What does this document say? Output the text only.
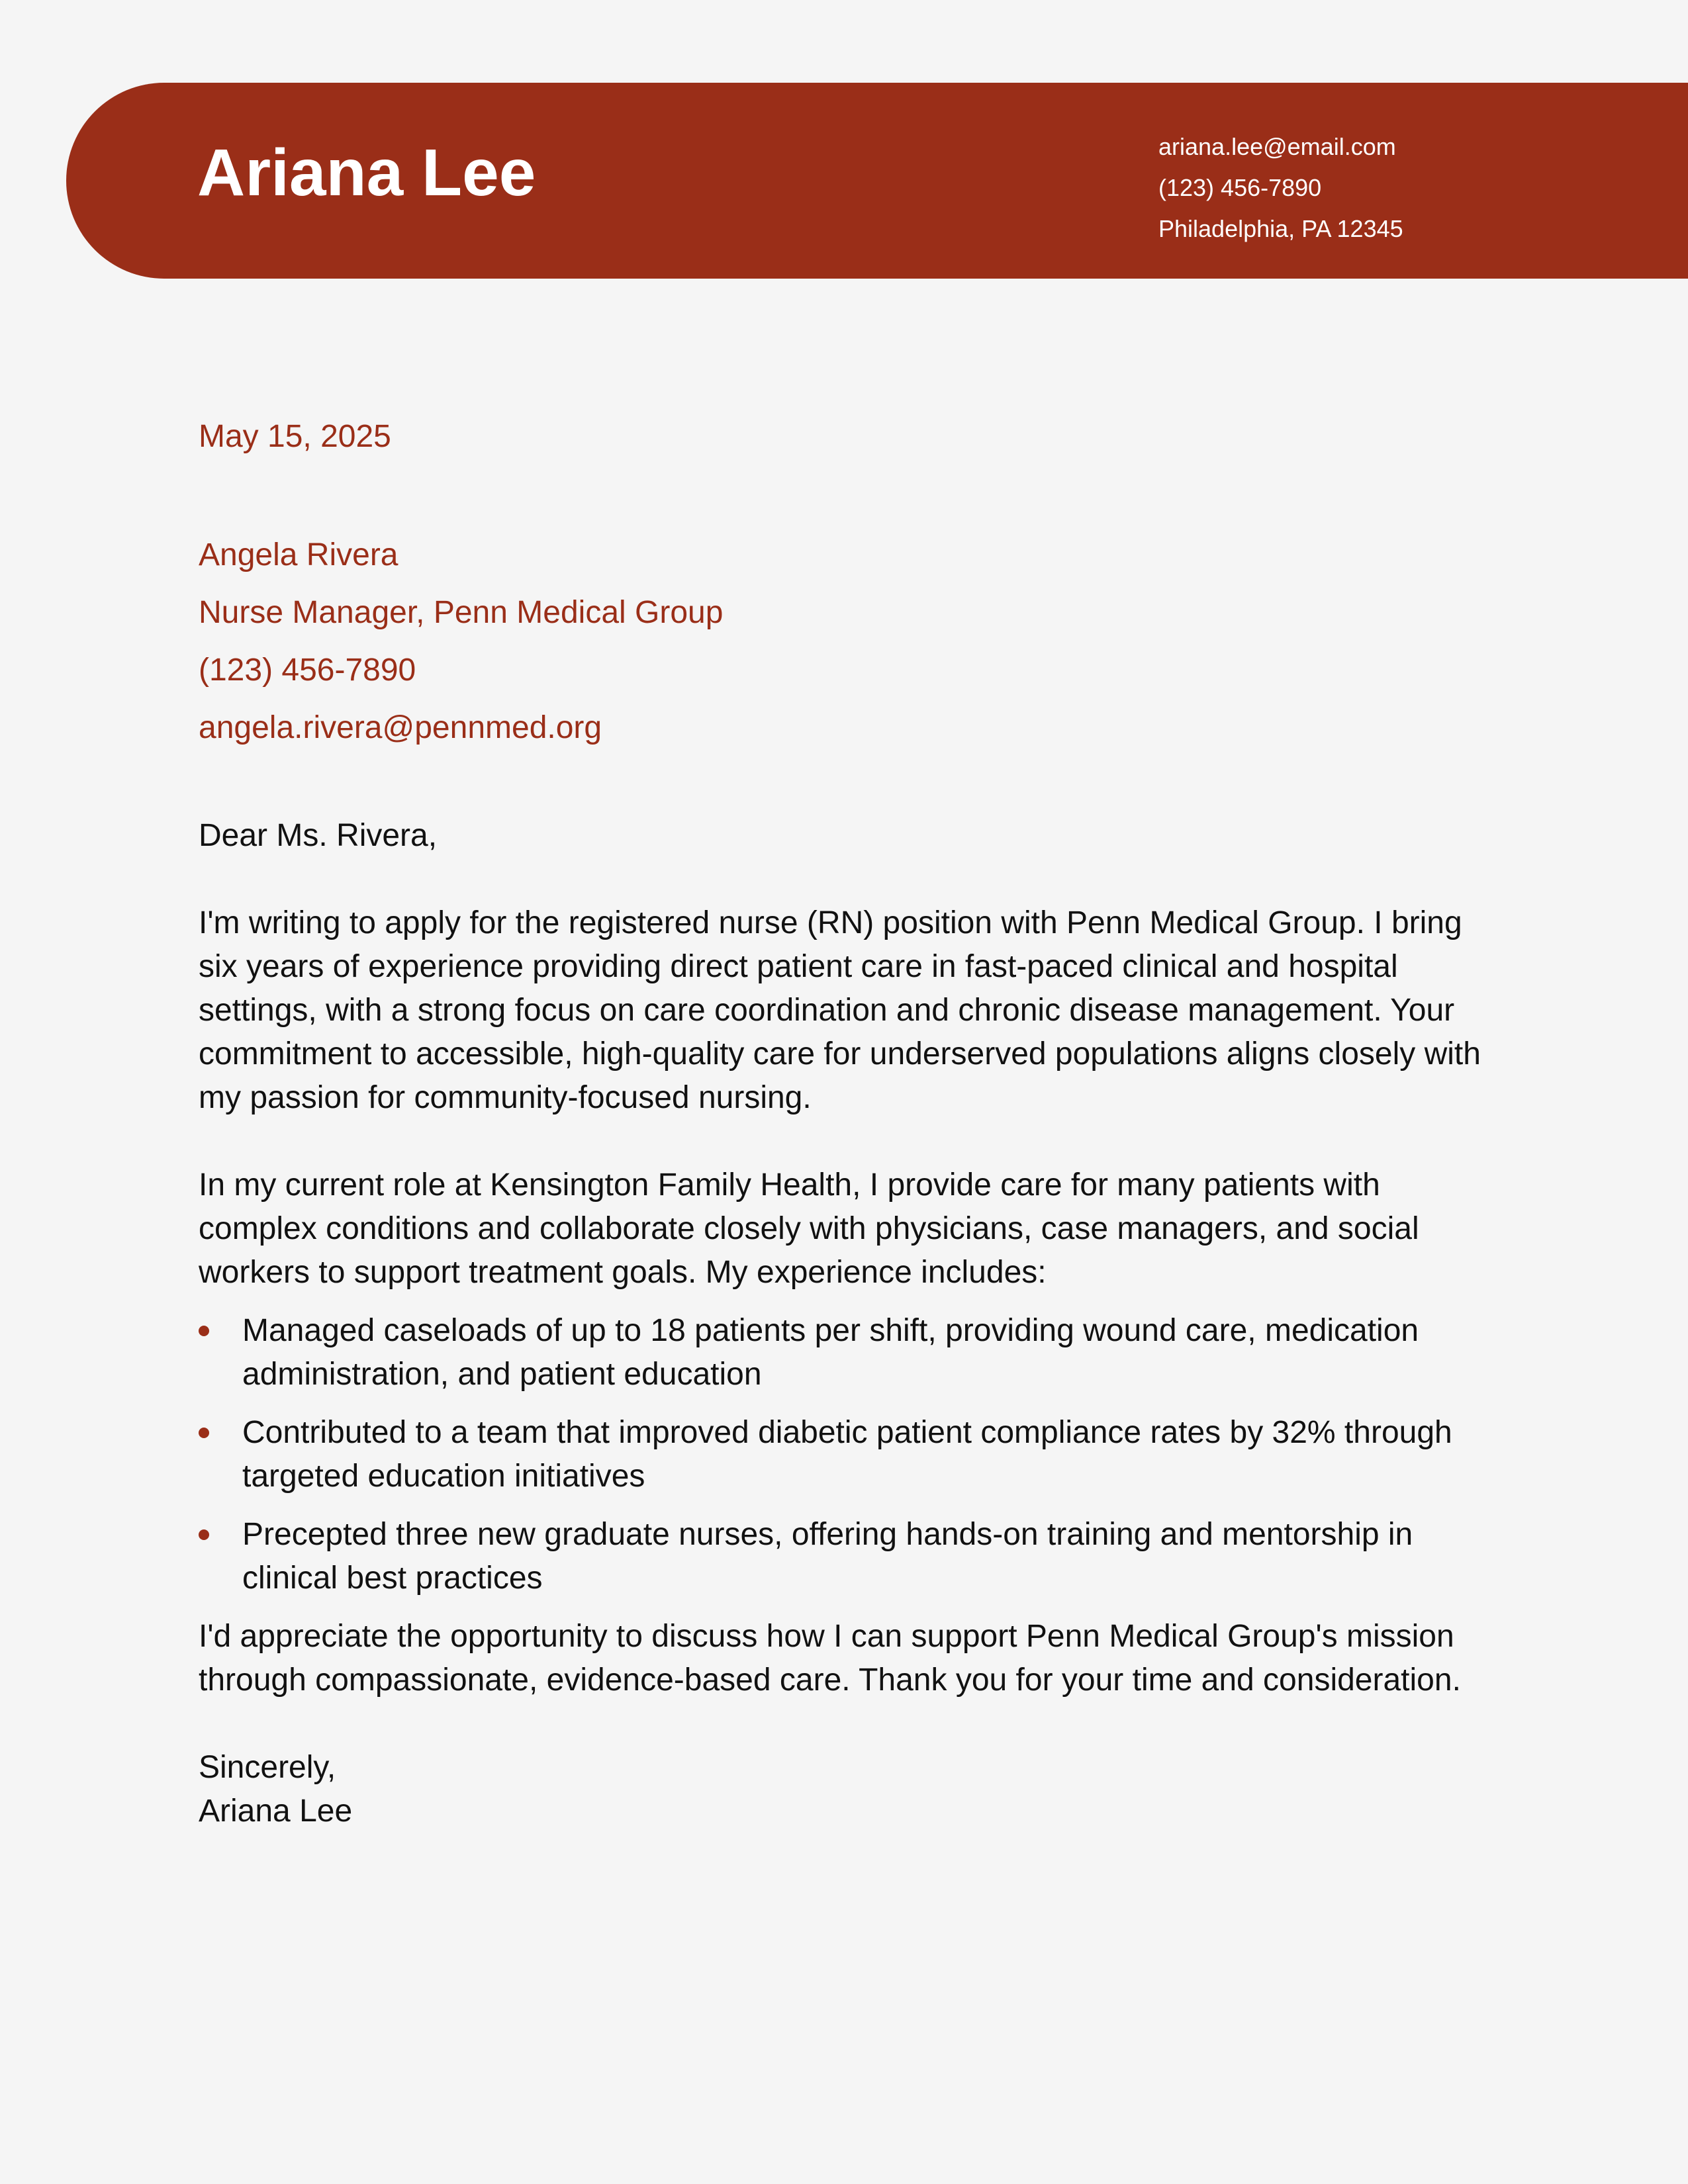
Ariana Lee	ariana.lee@email.com
(123) 456-7890
Philadelphia, PA 12345
May 15, 2025
Angela Rivera
Nurse Manager, Penn Medical Group
(123) 456-7890
angela.rivera@pennmed.org

Dear Ms. Rivera,

I'm writing to apply for the registered nurse (RN) position with Penn Medical Group. I bring six years of experience providing direct patient care in fast-paced clinical and hospital settings, with a strong focus on care coordination and chronic disease management. Your commitment to accessible, high-quality care for underserved populations aligns closely with my passion for community-focused nursing.

In my current role at Kensington Family Health, I provide care for many patients with complex conditions and collaborate closely with physicians, case managers, and social workers to support treatment goals. My experience includes:

Managed caseloads of up to 18 patients per shift, providing wound care, medication administration, and patient education
Contributed to a team that improved diabetic patient compliance rates by 32% through targeted education initiatives
Precepted three new graduate nurses, offering hands-on training and mentorship in clinical best practices

I'd appreciate the opportunity to discuss how I can support Penn Medical Group's mission through compassionate, evidence-based care. Thank you for your time and consideration.

Sincerely,
Ariana Lee
